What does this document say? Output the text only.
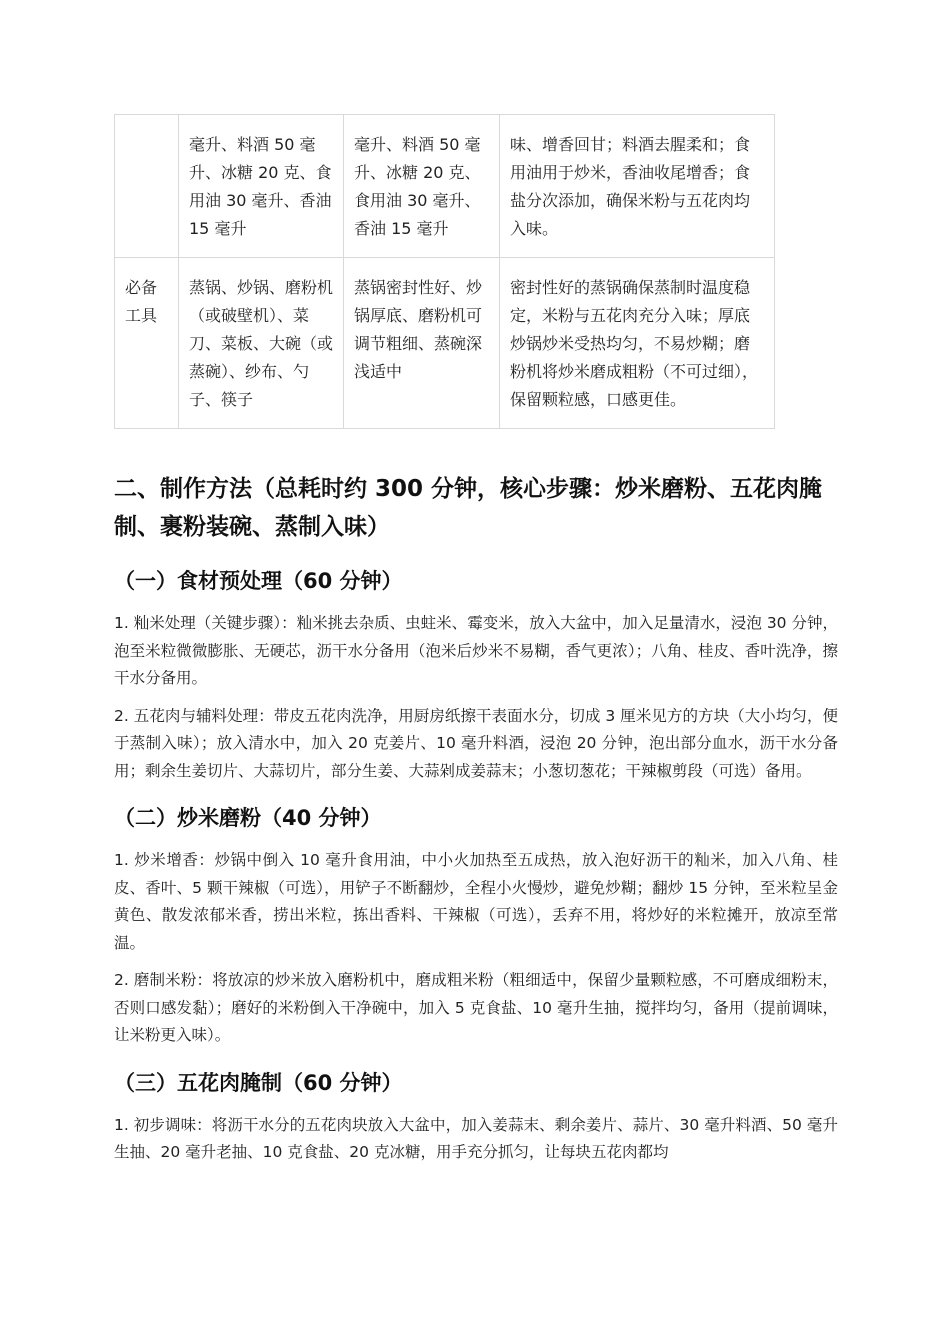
	毫升、料酒 50 毫升、冰糖 20 克、食用油 30 毫升、香油 15 毫升	毫升、料酒 50 毫升、冰糖 20 克、食用油 30 毫升、香油 15 毫升	味、增香回甘；料酒去腥柔和；食用油用于炒米，香油收尾增香；食盐分次添加，确保米粉与五花肉均入味。
必备工具	蒸锅、炒锅、磨粉机（或破壁机）、菜刀、菜板、大碗（或蒸碗）、纱布、勺子、筷子	蒸锅密封性好、炒锅厚底、磨粉机可调节粗细、蒸碗深浅适中	密封性好的蒸锅确保蒸制时温度稳定，米粉与五花肉充分入味；厚底炒锅炒米受热均匀，不易炒糊；磨粉机将炒米磨成粗粉（不可过细），保留颗粒感，口感更佳。
二、制作方法（总耗时约 300 分钟，核心步骤：炒米磨粉、五花肉腌制、裹粉装碗、蒸制入味）
（一）食材预处理（60 分钟）

1. 籼米处理（关键步骤）：籼米挑去杂质、虫蛀米、霉变米，放入大盆中，加入足量清水，浸泡 30 分钟，泡至米粒微微膨胀、无硬芯，沥干水分备用（泡米后炒米不易糊，香气更浓）；八角、桂皮、香叶洗净，擦干水分备用。

2. 五花肉与辅料处理：带皮五花肉洗净，用厨房纸擦干表面水分，切成 3 厘米见方的方块（大小均匀，便于蒸制入味）；放入清水中，加入 20 克姜片、10 毫升料酒，浸泡 20 分钟，泡出部分血水，沥干水分备用；剩余生姜切片、大蒜切片，部分生姜、大蒜剁成姜蒜末；小葱切葱花；干辣椒剪段（可选）备用。

（二）炒米磨粉（40 分钟）

1. 炒米增香：炒锅中倒入 10 毫升食用油，中小火加热至五成热，放入泡好沥干的籼米，加入八角、桂皮、香叶、5 颗干辣椒（可选），用铲子不断翻炒，全程小火慢炒，避免炒糊；翻炒 15 分钟，至米粒呈金黄色、散发浓郁米香，捞出米粒，拣出香料、干辣椒（可选），丢弃不用，将炒好的米粒摊开，放凉至常温。

2. 磨制米粉：将放凉的炒米放入磨粉机中，磨成粗米粉（粗细适中，保留少量颗粒感，不可磨成细粉末，否则口感发黏）；磨好的米粉倒入干净碗中，加入 5 克食盐、10 毫升生抽，搅拌均匀，备用（提前调味，让米粉更入味）。

（三）五花肉腌制（60 分钟）

1. 初步调味：将沥干水分的五花肉块放入大盆中，加入姜蒜末、剩余姜片、蒜片、30 毫升料酒、50 毫升生抽、20 毫升老抽、10 克食盐、20 克冰糖，用手充分抓匀，让每块五花肉都均
